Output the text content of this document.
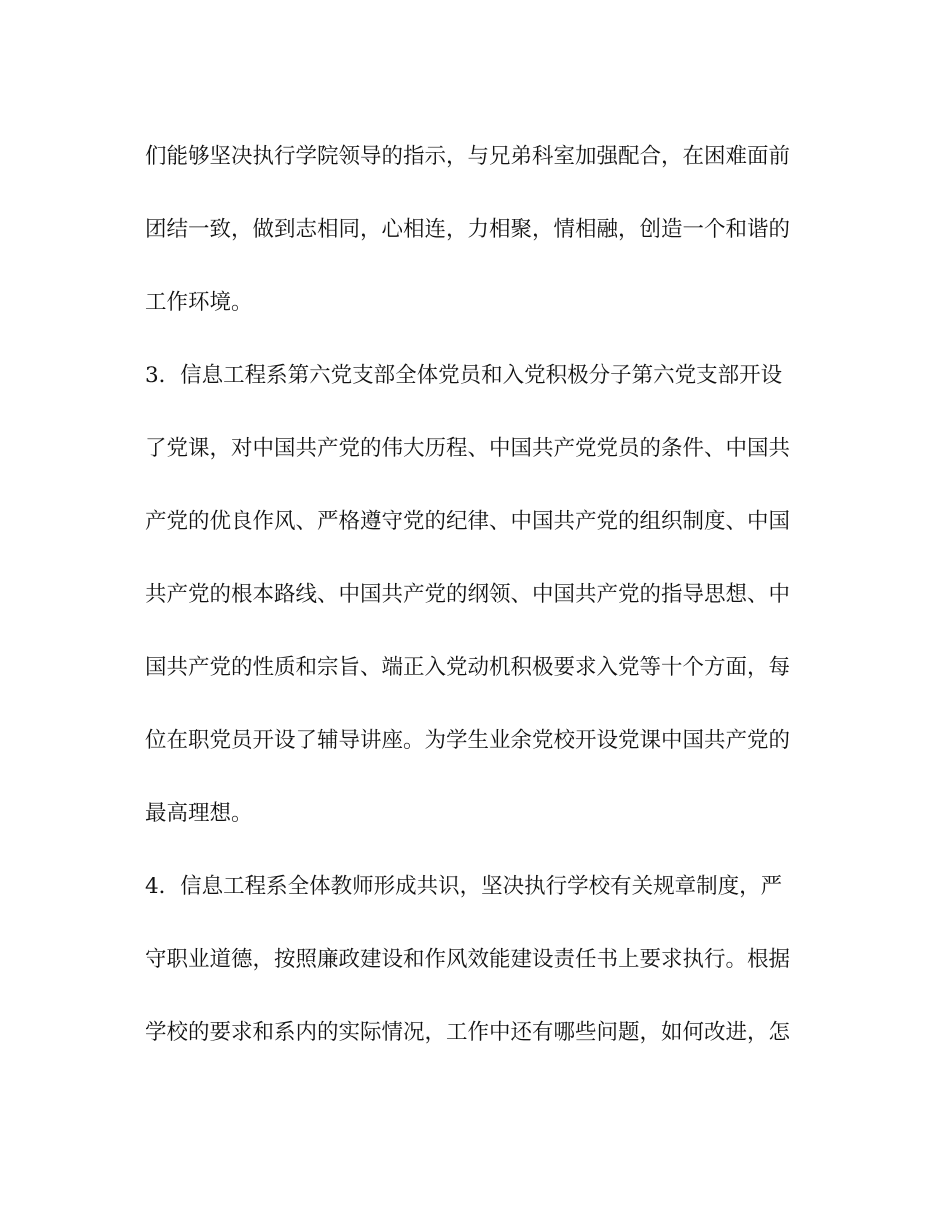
们能够坚决执行学院领导的指示，与兄弟科室加强配合，在困难面前
团结一致，做到志相同，心相连，力相聚，情相融，创造一个和谐的
工作环境。
3．信息工程系第六党支部全体党员和入党积极分子第六党支部开设
了党课，对中国共产党的伟大历程、中国共产党党员的条件、中国共
产党的优良作风、严格遵守党的纪律、中国共产党的组织制度、中国
共产党的根本路线、中国共产党的纲领、中国共产党的指导思想、中
国共产党的性质和宗旨、端正入党动机积极要求入党等十个方面，每
位在职党员开设了辅导讲座。为学生业余党校开设党课中国共产党的
最高理想。
4．信息工程系全体教师形成共识，坚决执行学校有关规章制度，严
守职业道德，按照廉政建设和作风效能建设责任书上要求执行。根据
学校的要求和系内的实际情况，工作中还有哪些问题，如何改进，怎
